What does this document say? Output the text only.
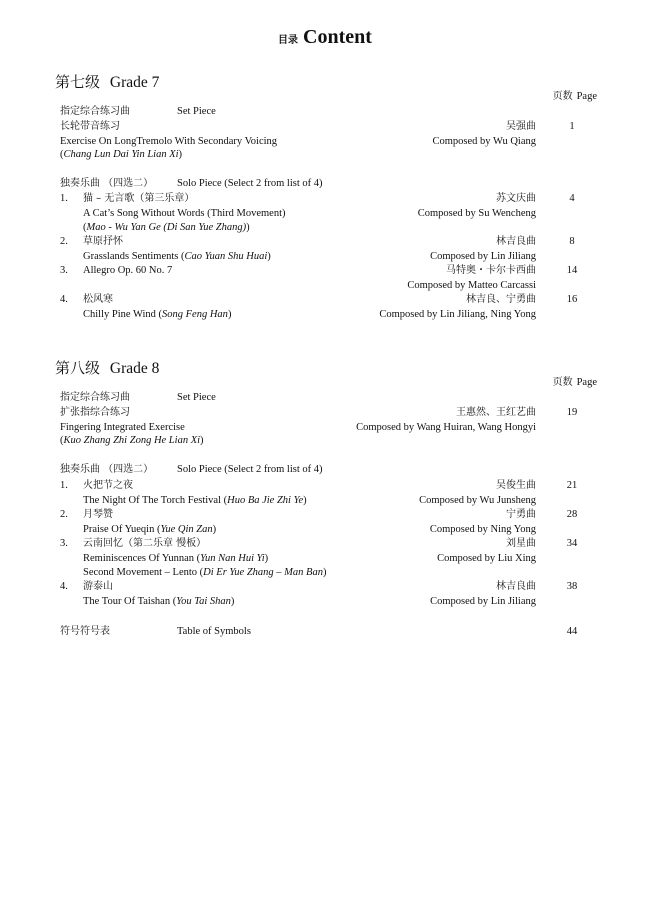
目录 Content
第七级 Grade 7
页数 Page
指定综合练习曲	Set Piece
长轮带音练习	吴强曲	1
Exercise On LongTremolo With Secondary Voicing	Composed by Wu Qiang
(Chang Lun Dai Yin Lian Xi)
独奏乐曲 （四选二） Solo Piece (Select 2 from list of 4)
1. 猫 – 无言歌（第三乐章）	苏文庆曲	4
A Cat’s Song Without Words (Third Movement)	Composed by Su Wencheng
(Mao - Wu Yan Ge (Di San Yue Zhang))
2. 草原抒怀	林吉良曲	8
Grasslands Sentiments (Cao Yuan Shu Huai)	Composed by Lin Jiliang
3. Allegro Op. 60 No. 7	马特奥・卡尔卡西曲	14
Composed by Matteo Carcassi
4. 松风寒	林吉良、宁勇曲	16
Chilly Pine Wind (Song Feng Han)	Composed by Lin Jiliang, Ning Yong
第八级 Grade 8
页数 Page
指定综合练习曲	Set Piece
扩张指综合练习	王惠然、王红艺曲	19
Fingering Integrated Exercise	Composed by Wang Huiran, Wang Hongyi
(Kuo Zhang Zhi Zong He Lian Xi)
独奏乐曲 （四选二） Solo Piece (Select 2 from list of 4)
1. 火把节之夜	吴俊生曲	21
The Night Of The Torch Festival (Huo Ba Jie Zhi Ye)	Composed by Wu Junsheng
2. 月琴赞	宁勇曲	28
Praise Of Yueqin (Yue Qin Zan)	Composed by Ning Yong
3. 云南回忆（第二乐章 慢板）	刘星曲	34
Reminiscences Of Yunnan (Yun Nan Hui Yi)	Composed by Liu Xing
Second Movement – Lento (Di Er Yue Zhang – Man Ban)
4. 游泰山	林吉良曲	38
The Tour Of Taishan (You Tai Shan)	Composed by Lin Jiliang
符号符号表	Table of Symbols	44
